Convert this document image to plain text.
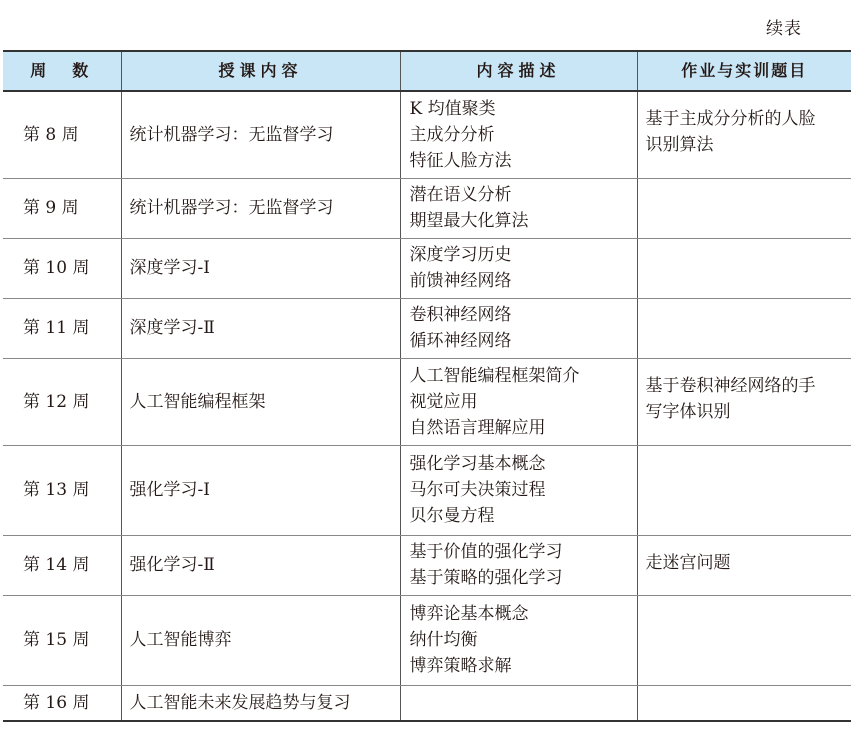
续表
周　数	授课内容	内容描述	作业与实训题目
第 8 周	统计机器学习：无监督学习	K 均值聚类
主成分分析
特征人脸方法	基于主成分分析的人脸识别算法

第 9 周	统计机器学习：无监督学习	潜在语义分析
期望最大化算法	

第 10 周	深度学习-Ⅰ	深度学习历史
前馈神经网络	

第 11 周	深度学习-Ⅱ	卷积神经网络
循环神经网络	

第 12 周	人工智能编程框架	人工智能编程框架简介
视觉应用
自然语言理解应用	基于卷积神经网络的手写字体识别

第 13 周	强化学习-Ⅰ	强化学习基本概念
马尔可夫决策过程
贝尔曼方程	

第 14 周	强化学习-Ⅱ	基于价值的强化学习
基于策略的强化学习	走迷宫问题

第 15 周	人工智能博弈	博弈论基本概念
纳什均衡
博弈策略求解	

第 16 周	人工智能未来发展趋势与复习	
